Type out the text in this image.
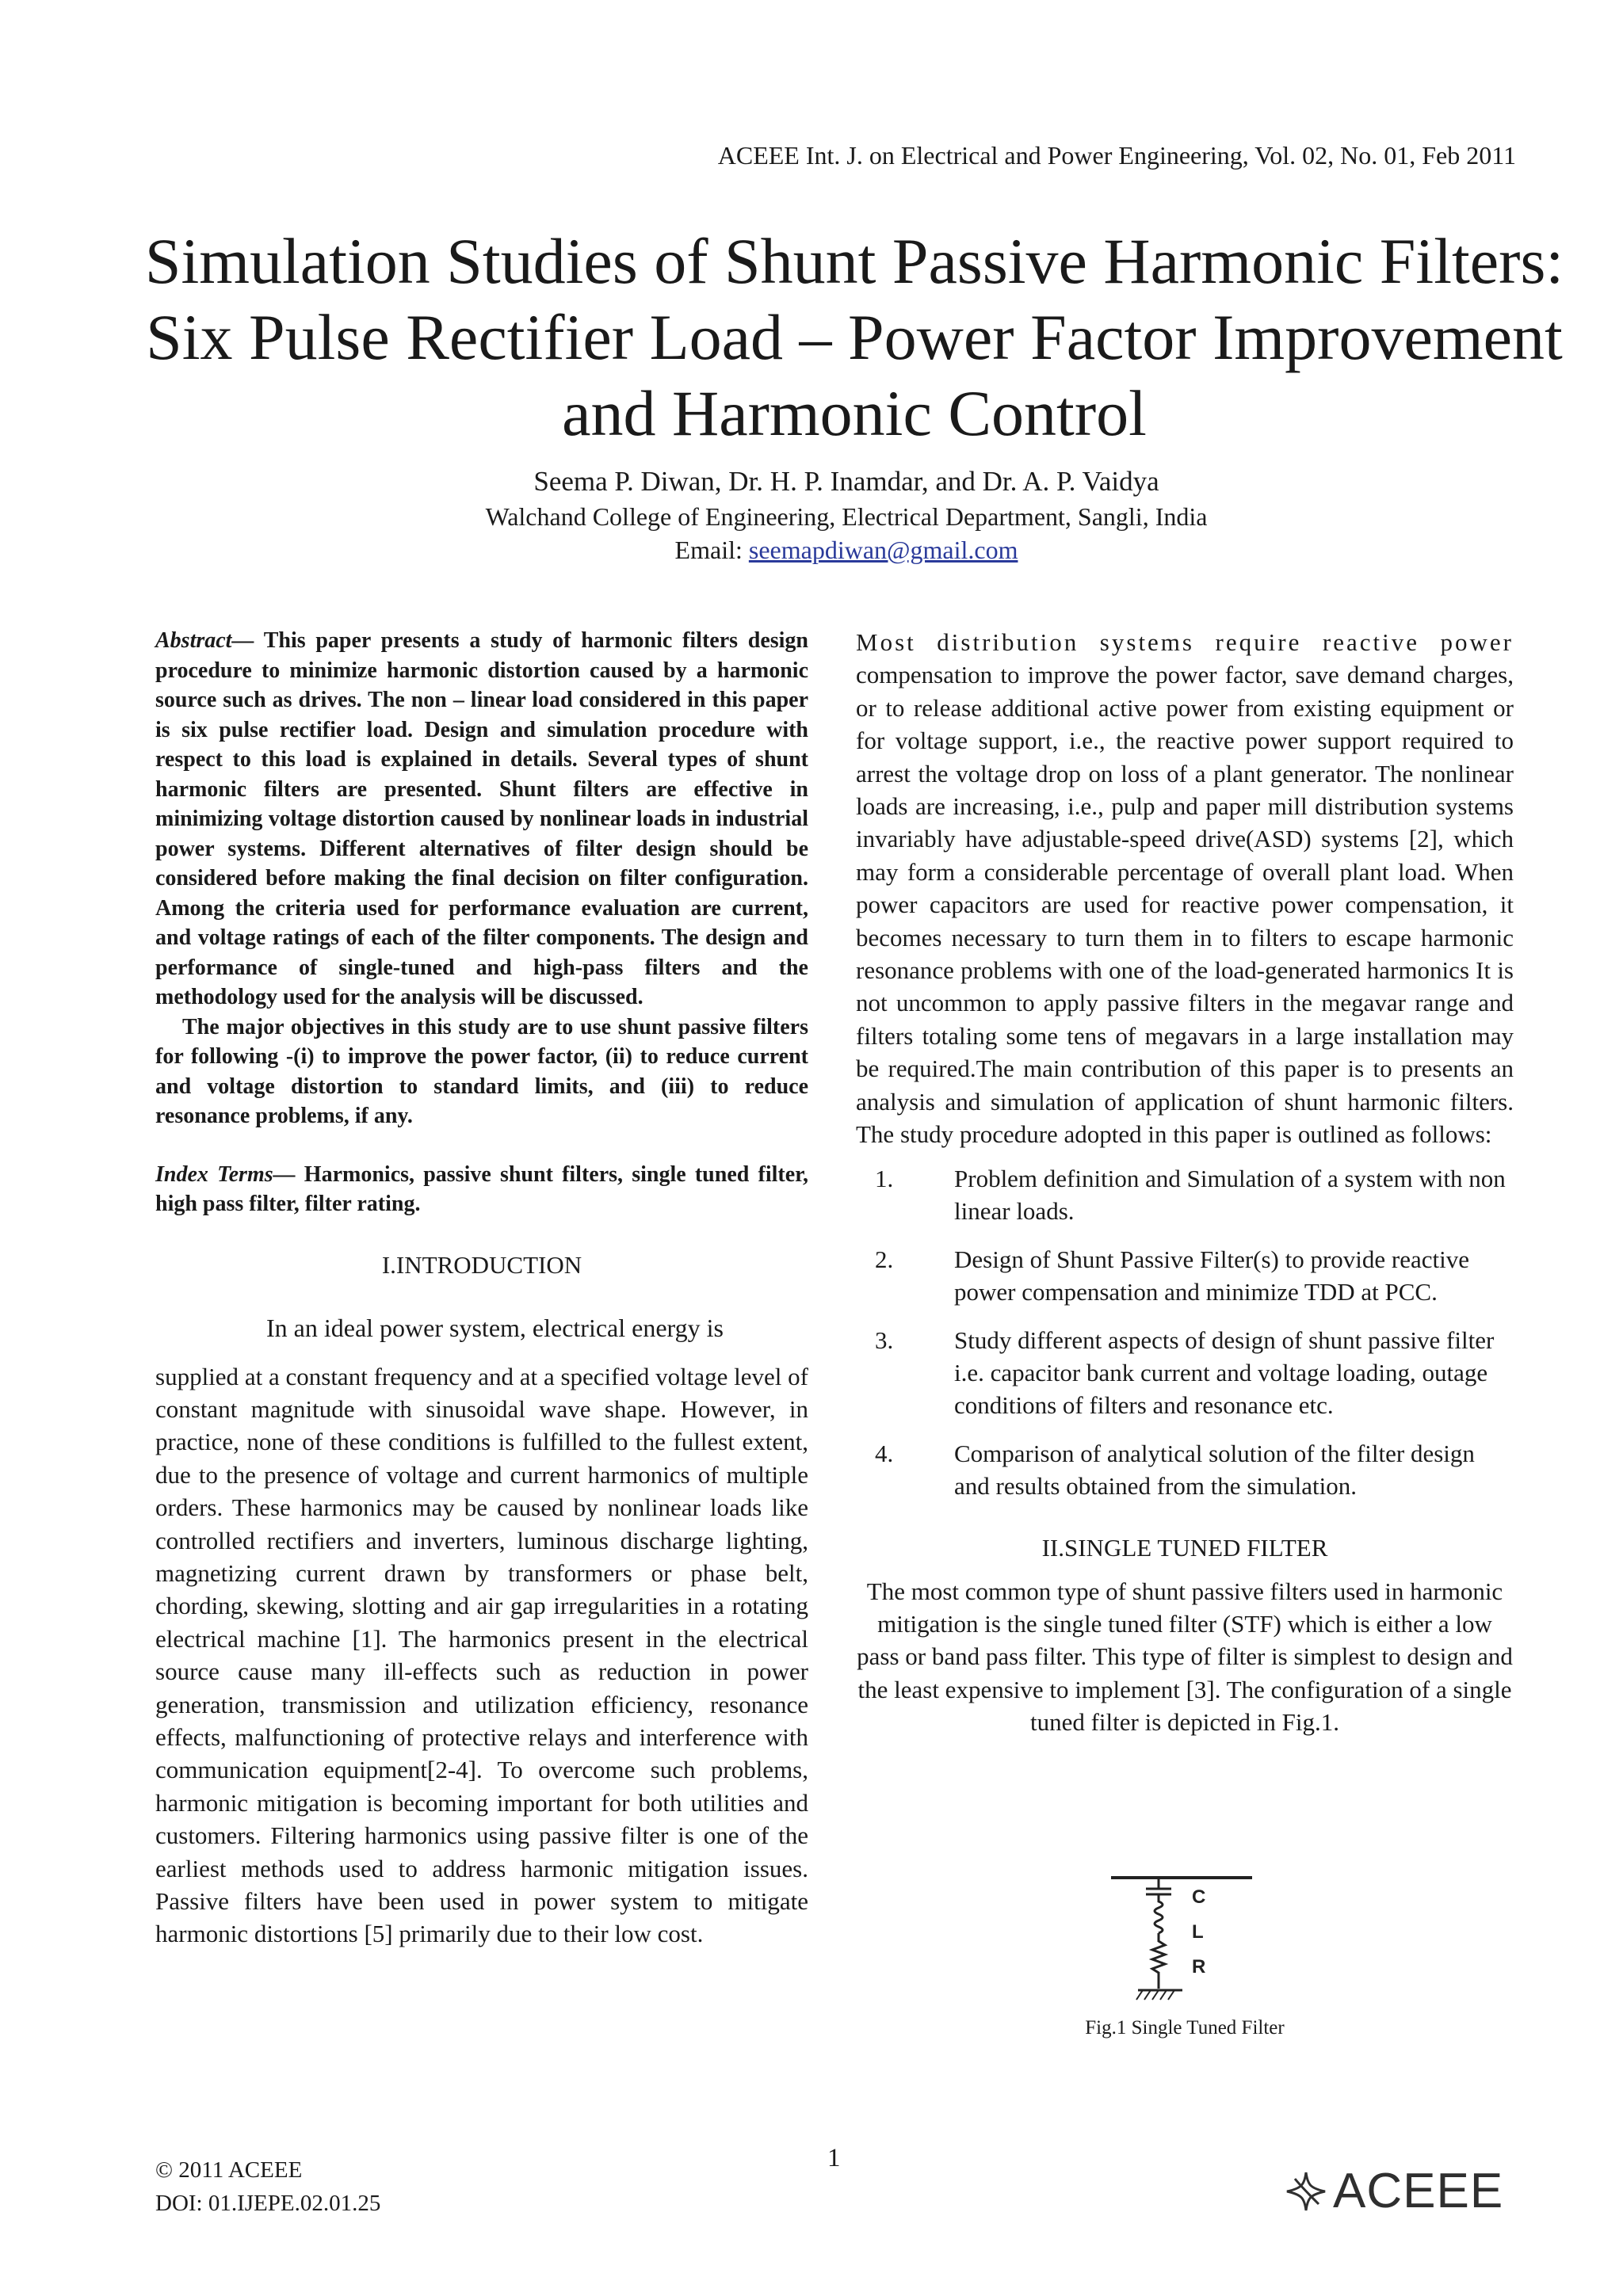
ACEEE Int. J. on Electrical and Power Engineering, Vol. 02, No. 01, Feb 2011
Simulation Studies of Shunt Passive Harmonic Filters: Six Pulse Rectifier Load – Power Factor Improvement and Harmonic Control
Seema P. Diwan, Dr. H. P. Inamdar, and Dr. A. P. Vaidya
Walchand College of Engineering, Electrical Department, Sangli, India
Email: seemapdiwan@gmail.com

Abstract— This paper presents a study of harmonic filters design procedure to minimize harmonic distortion caused by a harmonic source such as drives. The non – linear load considered in this paper is six pulse rectifier load. Design and simulation procedure with respect to this load is explained in details. Several types of shunt harmonic filters are presented. Shunt filters are effective in minimizing voltage distortion caused by nonlinear loads in industrial power systems. Different alternatives of filter design should be considered before making the final decision on filter configuration. Among the criteria used for performance evaluation are current, and voltage ratings of each of the filter components. The design and performance of single-tuned and high-pass filters and the methodology used for the analysis will be discussed.

The major objectives in this study are to use shunt passive filters for following -(i) to improve the power factor, (ii) to reduce current and voltage distortion to standard limits, and (iii) to reduce resonance problems, if any.

Index Terms— Harmonics, passive shunt filters, single tuned filter, high pass filter, filter rating.

I.INTRODUCTION

In an ideal power system, electrical energy is

supplied at a constant frequency and at a specified voltage level of constant magnitude with sinusoidal wave shape. However, in practice, none of these conditions is fulfilled to the fullest extent, due to the presence of voltage and current harmonics of multiple orders. These harmonics may be caused by nonlinear loads like controlled rectifiers and inverters, luminous discharge lighting, magnetizing current drawn by transformers or phase belt, chording, skewing, slotting and air gap irregularities in a rotating electrical machine [1]. The harmonics present in the electrical source cause many ill-effects such as reduction in power generation, transmission and utilization efficiency, resonance effects, malfunctioning of protective relays and interference with communication equipment[2-4]. To overcome such problems, harmonic mitigation is becoming important for both utilities and customers. Filtering harmonics using passive filter is one of the earliest methods used to address harmonic mitigation issues. Passive filters have been used in power system to mitigate harmonic distortions [5] primarily due to their low cost.

Most distribution systems require reactive power compensation to improve the power factor, save demand charges, or to release additional active power from existing equipment or for voltage support, i.e., the reactive power support required to arrest the voltage drop on loss of a plant generator. The nonlinear loads are increasing, i.e., pulp and paper mill distribution systems invariably have adjustable-speed drive(ASD) systems [2], which may form a considerable percentage of overall plant load. When power capacitors are used for reactive power compensation, it becomes necessary to turn them in to filters to escape harmonic resonance problems with one of the load-generated harmonics It is not uncommon to apply passive filters in the megavar range and filters totaling some tens of megavars in a large installation may be required.The main contribution of this paper is to presents an analysis and simulation of application of shunt harmonic filters. The study procedure adopted in this paper is outlined as follows:

1.	Problem definition and Simulation of a system with non linear loads.
2.	Design of Shunt Passive Filter(s) to provide reactive power compensation and minimize TDD at PCC.
3.	Study different aspects of design of shunt passive filter i.e. capacitor bank current and voltage loading, outage conditions of filters and resonance etc.
4.	Comparison of analytical solution of the filter design and results obtained from the simulation.
II.SINGLE TUNED FILTER

The most common type of shunt passive filters used in harmonic mitigation is the single tuned filter (STF) which is either a low pass or band pass filter. This type of filter is simplest to design and the least expensive to implement [3]. The configuration of a single tuned filter is depicted in Fig.1.

C
L
R
Fig.1 Single Tuned Filter
© 2011 ACEEE
DOI: 01.IJEPE.02.01.25
1
ACEEE
